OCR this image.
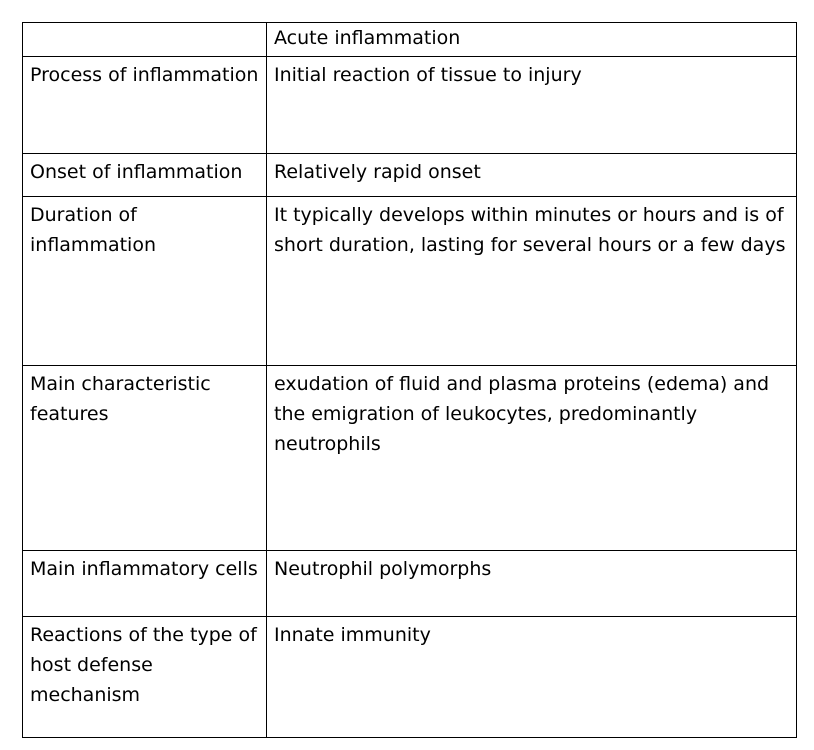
	Acute inflammation
Process of inflammation	Initial reaction of tissue to injury
Onset of inflammation	Relatively rapid onset
Duration of inflammation	It typically develops within minutes or hours and is of short duration, lasting for several hours or a few days
Main characteristic features	exudation of fluid and plasma proteins (edema) and the emigration of leukocytes, predominantly neutrophils
Main inflammatory cells	Neutrophil polymorphs
Reactions of the type of host defense mechanism	Innate immunity
